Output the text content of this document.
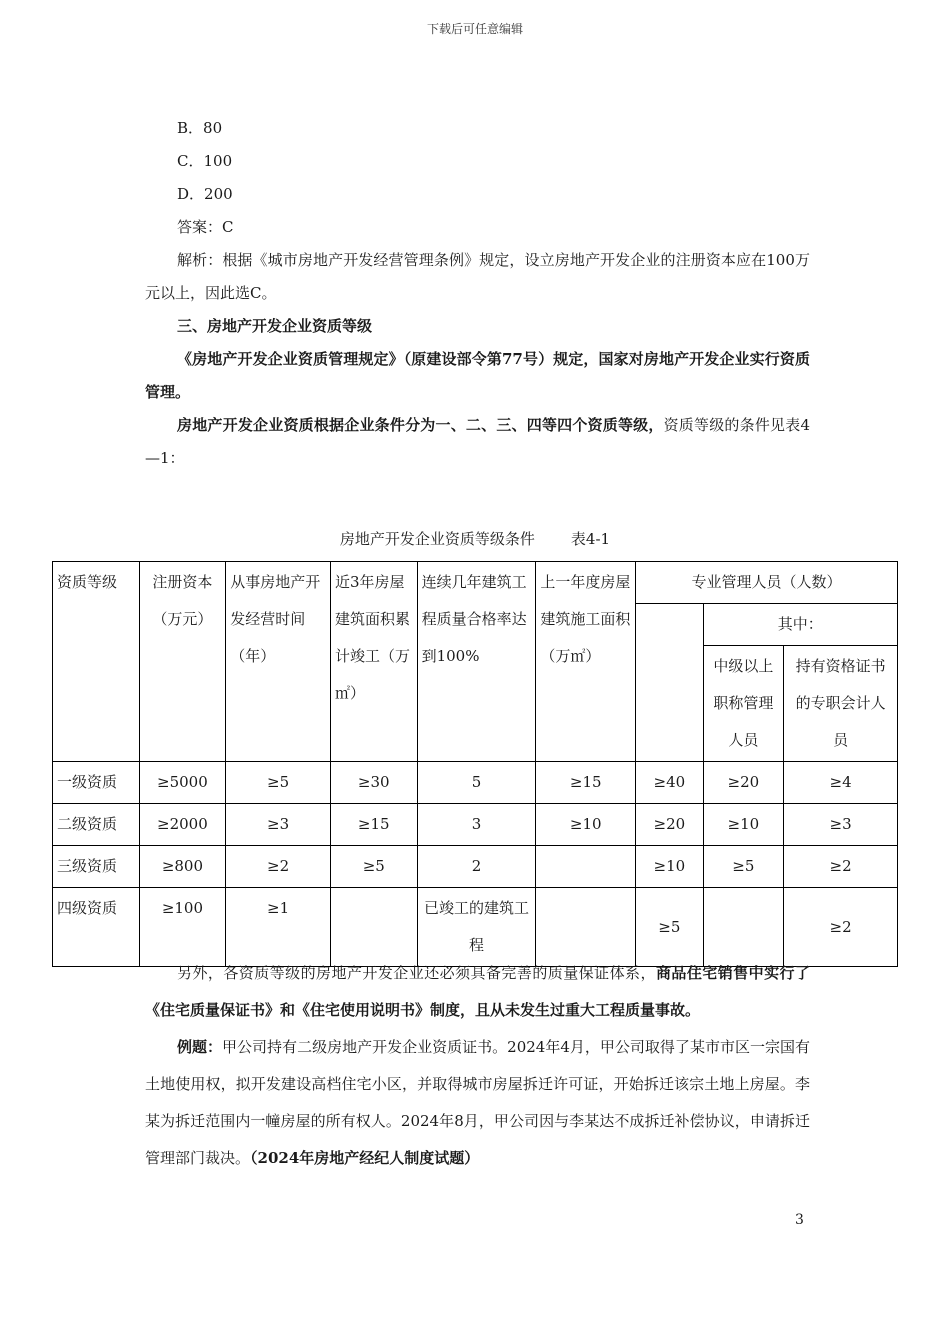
下载后可任意编辑
B．80
C．100
D．200
答案：C

解析：根据《城市房地产开发经营管理条例》规定，设立房地产开发企业的注册资本应在100万元以上，因此选C。

三、房地产开发企业资质等级

《房地产开发企业资质管理规定》（原建设部令第77号）规定，国家对房地产开发企业实行资质管理。

房地产开发企业资质根据企业条件分为一、二、三、四等四个资质等级，资质等级的条件见表4—1：

房地产开发企业资质等级条件 表4-1
资质等级	注册资本（万元）	从事房地产开发经营时间（年）	近3年房屋建筑面积累计竣工（万㎡）	连续几年建筑工程质量合格率达到100%	上一年度房屋建筑施工面积（万㎡）	专业管理人员（人数）		
							其中：	
							中级以上职称管理人员	持有资格证书的专职会计人员
一级资质	≥5000	≥5	≥30	5	≥15	≥40	≥20	≥4
二级资质	≥2000	≥3	≥15	3	≥10	≥20	≥10	≥3
三级资质	≥800	≥2	≥5	2		≥10	≥5	≥2
四级资质	≥100	≥1		已竣工的建筑工程		≥5		≥2

另外，各资质等级的房地产开发企业还必须具备完善的质量保证体系，商品住宅销售中实行了《住宅质量保证书》和《住宅使用说明书》制度，且从未发生过重大工程质量事故。

例题：甲公司持有二级房地产开发企业资质证书。2024年4月，甲公司取得了某市市区一宗国有土地使用权，拟开发建设高档住宅小区，并取得城市房屋拆迁许可证，开始拆迁该宗土地上房屋。李某为拆迁范围内一幢房屋的所有权人。2024年8月，甲公司因与李某达不成拆迁补偿协议，申请拆迁管理部门裁决。（2024年房地产经纪人制度试题）

3
